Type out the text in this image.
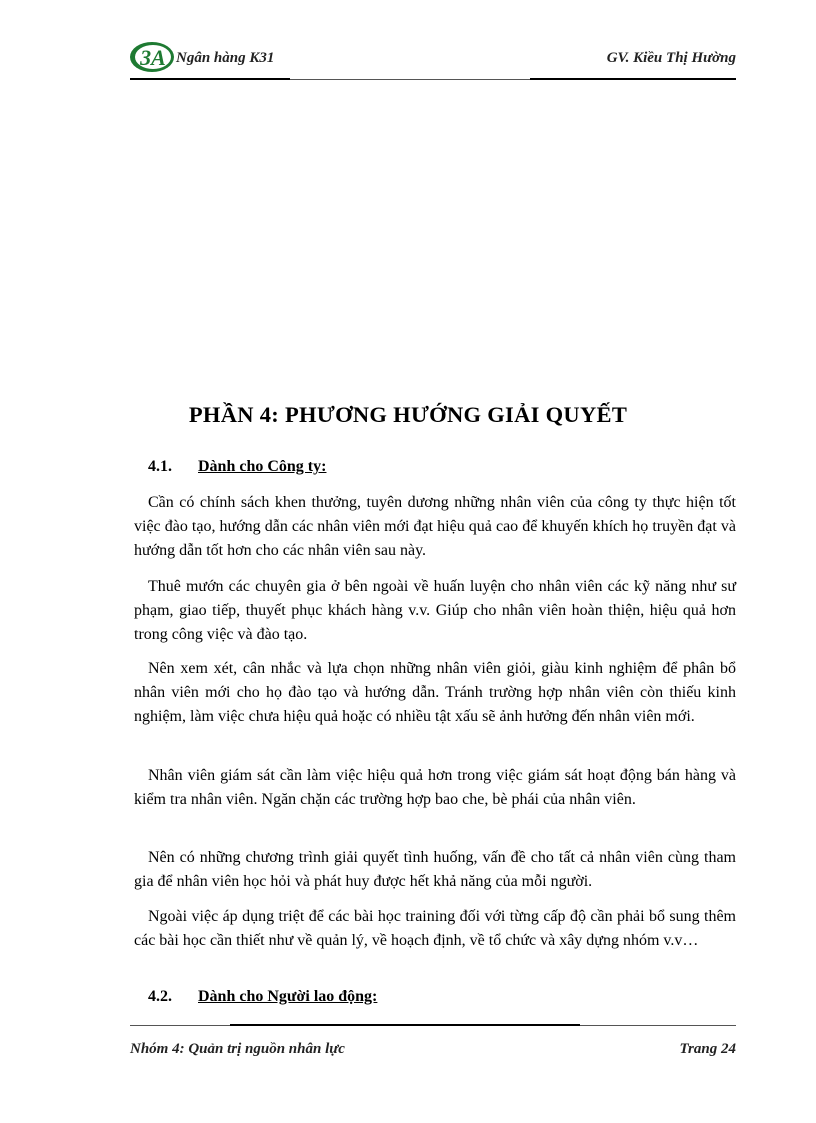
3A Ngân hàng K31	GV. Kiều Thị Hường
PHẦN 4: PHƯƠNG HƯỚNG GIẢI QUYẾT
4.1. Dành cho Công ty:
Cần có chính sách khen thưởng, tuyên dương những nhân viên của công ty thực hiện tốt việc đào tạo, hướng dẫn các nhân viên mới đạt hiệu quả cao để khuyến khích họ truyền đạt và hướng dẫn tốt hơn cho các nhân viên sau này.
Thuê mướn các chuyên gia ở bên ngoài về huấn luyện cho nhân viên các kỹ năng như sư phạm, giao tiếp, thuyết phục khách hàng v.v. Giúp cho nhân viên hoàn thiện, hiệu quả hơn trong công việc và đào tạo.
Nên xem xét, cân nhắc và lựa chọn những nhân viên giỏi, giàu kinh nghiệm để phân bổ nhân viên mới cho họ đào tạo và hướng dẫn. Tránh trường hợp nhân viên còn thiếu kinh nghiệm, làm việc chưa hiệu quả hoặc có nhiều tật xấu sẽ ảnh hưởng đến nhân viên mới.
Nhân viên giám sát cần làm việc hiệu quả hơn trong việc giám sát hoạt động bán hàng và kiểm tra nhân viên. Ngăn chặn các trường hợp bao che, bè phái của nhân viên.
Nên có những chương trình giải quyết tình huống, vấn đề cho tất cả nhân viên cùng tham gia để nhân viên học hỏi và phát huy được hết khả năng của mỗi người.
Ngoài việc áp dụng triệt để các bài học training đối với từng cấp độ cần phải bổ sung thêm các bài học cần thiết như về quản lý, về hoạch định, về tổ chức và xây dựng nhóm v.v…
4.2. Dành cho Người lao động:
Nhóm 4: Quản trị nguồn nhân lực	Trang 24
